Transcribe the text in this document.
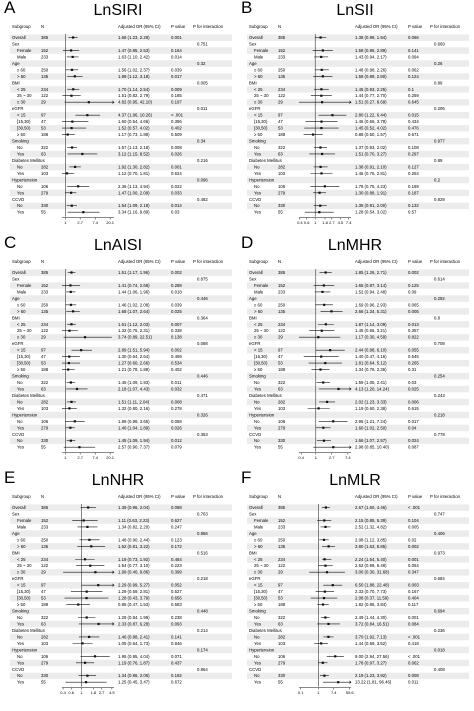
A	LnSIRI
Subgroup N	Adjusted OR (95% CI) P value P for interaction
Overall	385	1.68 (1.23, 2.28)	0.001
Sex	0.751
Female 152	1.47 (0.85, 2.53)	0.164
Male	233	1.63 (1.10, 2.42)	0.014
Age	0.32
≤ 60	250	1.56 (1.02, 2.37)	0.039
> 60	135	1.89 (1.12, 3.18)	0.017
BMI	0.005
< 25	234	1.70 (1.14, 2.54)	0.009
25 ~ 30 122	1.51 (0.82, 2.79)	0.185
≥ 30	29	4.82 (0.95, 42.10)	0.197
eGFR	0.011
< 15	97	4.37 (1.96, 10.26)	< .001
[15,30) 47	1.60 (0.54, 4.66)	0.396
[30,50) 53	1.52 (0.57, 4.02)	0.402
≥ 50	188	1.17 (0.73, 1.88)	0.509
Smoking	0.34
No	322	1.57 (1.13, 2.18)	0.008
Yes	63	3.12 (1.15, 8.52)	0.026
Diabetes Mellitus	0.216
No	282	1.92 (1.30, 2.82)	0.001
Yes	103	1.12 (0.70, 1.81)	0.624
Hypertension	0.096
No	106	2.36 (1.13, 4.94)	0.022
Yes	279	1.47 (1.00, 2.09)	0.033
CCVD	0.482
No	330	1.54 (1.09, 2.18)	0.014
Yes	55	3.34 (1.16, 9.89)	0.03
1	2.7 7.4 20.1
B	LnSII
Subgroup N	Adjusted OR (95% CI) P value P for interaction
Overall	385	1.38 (0.98, 1.94)	0.066
Sex	0.669
Female 152	1.58 (0.86, 2.89)	0.141
Male	233	1.43 (0.94, 2.17)	0.094
Age	0.26
≤ 60	250	1.48 (0.98, 2.26)	0.062
> 60	135	1.58 (0.89, 2.80)	0.124
BMI	0.89
< 25	234	1.45 (0.93, 2.25)	0.1
25 ~ 30 122	1.44 (0.77, 2.70)	0.259
≥ 30	29	1.51 (0.27, 8.69)	0.645
eGFR	0.206
< 15	97	2.80 (1.22, 6.44)	0.015
[15,30) 47	1.46 (0.56, 3.78)	0.434
[30,50) 53	1.45 (0.52, 4.02)	0.476
≥ 50	188	0.88 (0.50, 1.57)	0.671
Smoking	0.977
No	322	1.37 (0.93, 2.02)	0.108
Yes	63	1.51 (0.70, 3.27)	0.297
Diabetes Mellitus	0.89
No	282	1.38 (0.91, 2.10)	0.127
Yes	103	1.46 (0.76, 2.81)	0.254
Hypertension	0.2
No	106	1.78 (0.75, 4.23)	0.189
Yes	279	1.30 (0.88, 1.91)	0.187
CCVD	0.829
No	330	1.35 (0.91, 2.00)	0.132
Yes	55	1.28 (0.54, 3.02)	0.57
0.4 0.6 1 1.8 2.7 4.5 7.4
C	LnAISI
Subgroup N	Adjusted OR (95% CI) P value P for interaction
Overall	385	1.51 (1.17, 1.96)	0.002
Sex	0.875
Female 152	1.41 (0.74, 2.68)	0.288
Male	233	1.44 (1.06, 1.96)	0.018
Age	0.446
≤ 60	250	1.46 (1.02, 2.08)	0.039
> 60	135	1.68 (1.07, 2.64)	0.025
BMI	0.364
< 25	234	1.51 (1.12, 2.03)	0.007
25 ~ 30 122	1.32 (0.75, 2.31)	0.338
≥ 30	29	3.74 (0.89, 22.51)	0.138
eGFR	0.088
< 15	97	2.89 (1.51, 5.94)	0.002
[15,30) 47	1.30 (0.64, 2.64)	0.469
[30,50) 53	1.27 (0.60, 2.66)	0.534
≥ 50	188	1.21 (0.78, 1.88)	0.402
Smoking	0.446
No	322	1.45 (1.09, 1.93)	0.011
Yes	63	2.18 (1.07, 4.43)	0.032
Diabetes Mellitus	0.471
No	282	1.51 (1.11, 2.04)	0.008
Yes	103	1.32 (0.80, 2.16)	0.278
Hypertension	0.326
No	106	1.89 (0.98, 3.65)	0.058
Yes	279	1.40 (1.04, 1.89)	0.026
CCVD	0.353
No	330	1.45 (1.09, 1.94)	0.012
Yes	55	2.57 (0.90, 7.37)	0.079
1	2.7 7.4 20.1
D	LnMHR
Subgroup N	Adjusted OR (95% CI) P value P for interaction
Overall	385	1.85 (1.26, 2.71)	0.002
Sex	0.614
Female 152	1.65 (0.87, 3.14)	0.125
Male	233	1.52 (0.94, 2.48)	0.09
Age	0.292
≤ 60	250	1.69 (0.96, 2.93)	0.065
> 60	135	2.66 (1.34, 5.31)	0.005
BMI	0.8
< 25	234	1.87 (1.14, 3.09)	0.013
25 ~ 30 122	1.45 (0.66, 3.21)	0.357
≥ 30	29	1.17 (0.30, 4.59)	0.822
eGFR	0.708
< 15	97	2.44 (0.98, 6.10)	0.055
[15,30) 47	1.40 (0.47, 4.16)	0.545
[30,50) 53	1.81 (0.64, 5.12)	0.265
≥ 50	188	1.34 (0.76, 2.36)	0.31
Smoking	0.254
No	322	1.59 (1.05, 2.41)	0.03
Yes	63	4.13 (1.20, 14.24)	0.025
Diabetes Mellitus	0.243
No	282	2.02 (1.23, 3.33)	0.006
Yes	103	1.19 (0.60, 2.38)	0.615
Hypertension	0.218
No	106	2.96 (1.21, 7.24)	0.017
Yes	279	1.60 (1.02, 2.50)	0.04
CCVD	0.778
No	330	1.66 (1.07, 2.57)	0.024
Yes	55	2.98 (0.85, 10.40)	0.087
0.4	1	2.7	7.4
E	LnNHR
Subgroup N	Adjusted OR (95% CI) P value P for interaction
Overall	385	1.39 (0.96, 2.04)	0.088
Sex	0.763
Female 152	1.11 (0.63, 2.23)	0.627
Male	233	1.34 (0.82, 2.20)	0.247
Age	0.856
≤ 60	250	1.48 (0.90, 2.44)	0.123
> 60	135	1.62 (0.81, 3.22)	0.172
BMI	0.516
< 25	234	1.19 (0.73, 1.92)	0.484
25 ~ 30 122	1.54 (0.77, 3.10)	0.223
≥ 30	29	1.99 (0.40, 9.86)	0.399
eGFR	0.218
< 15	97	2.29 (0.99, 5.27)	0.052
[15,30) 47	1.29 (0.59, 2.81)	0.527
[30,50) 53	1.28 (0.43, 3.79)	0.656
≥ 50	188	0.85 (0.47, 1.53)	0.583
Smoking	0.448
No	322	1.29 (0.84, 1.99)	0.238
Yes	63	2.33 (0.87, 6.28)	0.093
Diabetes Mellitus	0.214
No	282	1.46 (0.88, 2.41)	0.141
Yes	103	1.05 (0.64, 1.73)	0.846
Hypertension	0.174
No	106	1.95 (0.95, 4.04)	0.071
Yes	279	1.19 (0.76, 1.87)	0.437
CCVD	0.864
No	330	1.34 (0.86, 2.06)	0.192
Yes	55	1.25 (0.45, 3.47)	0.672
0.4 0.6 1 1.8 2.7 4.5
F	LnMLR
Subgroup N	Adjusted OR (95% CI) P value P for interaction
Overall	385	2.67 (1.60, 4.46)	< .001
Sex	0.747
Female 152	2.15 (0.85, 5.39)	0.104
Male	233	2.52 (1.32, 4.82)	0.005
Age	0.406
≤ 60	250	2.08 (1.12, 3.85)	0.02
> 60	135	3.80 (1.63, 8.85)	0.002
BMI	0.973
< 25	234	2.24 (1.64, 5.40)	0.001
25 ~ 30 122	2.52 (0.98, 6.48)	0.054
≥ 30	29	3.06 (0.30, 31.68)	0.347
eGFR	0.684
< 15	97	6.50 (1.88, 22.48)	0.003
[15,30) 47	2.33 (0.70, 7.73)	0.167
[30,50) 53	2.08 (0.37, 11.59)	0.404
≥ 50	188	1.82 (0.86, 3.84)	0.117
Smoking	0.694
No	322	2.49 (1.44, 4.30)	0.001
Yes	63	3.72 (0.84, 16.51)	0.084
Diabetes Mellitus	0.236
No	282	3.70 (1.92, 7.13)	< .001
Yes	103	1.44 (0.59, 3.52)	0.418
Hypertension	0.018
No	106	9.00 (2.94, 27.56)	< .001
Yes	279	1.78 (0.97, 3.27)	0.062
CCVD	0.408
No	330	2.19 (1.23, 3.92)	0.008
Yes	55	13.22 (1.81, 96.46)	0.011
0.1	1	7.4 59.6
